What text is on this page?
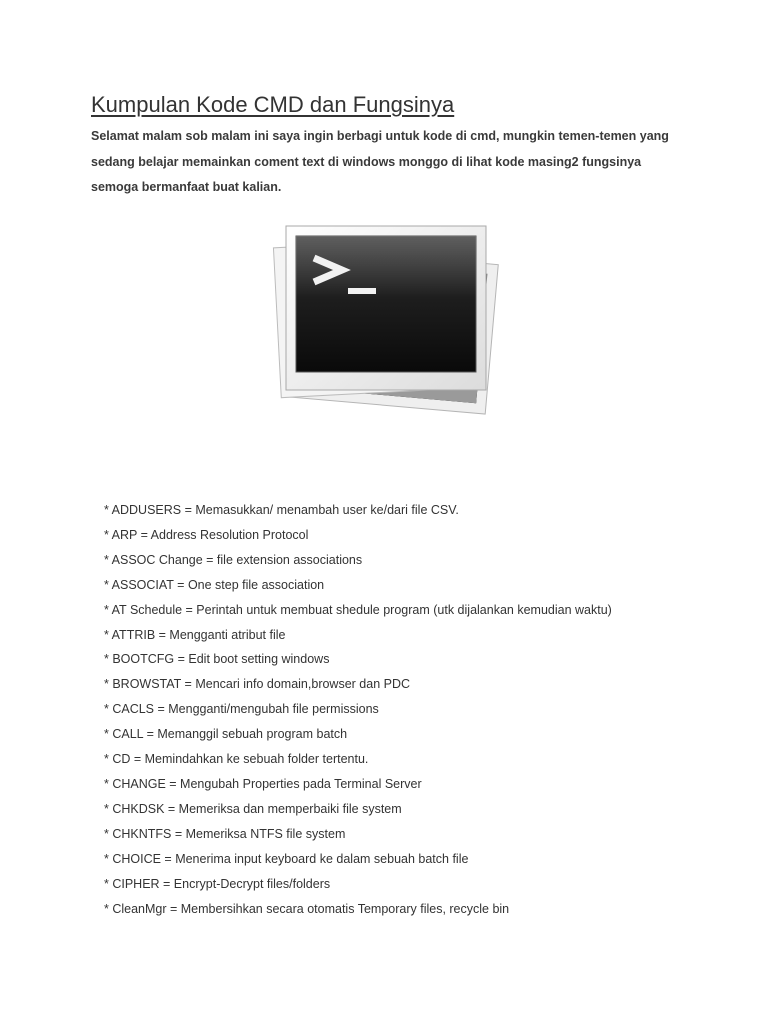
Kumpulan Kode CMD dan Fungsinya

Selamat malam sob malam ini saya ingin berbagi untuk kode di cmd, mungkin temen-temen yang sedang belajar memainkan coment text di windows monggo di lihat kode masing2 fungsinya semoga bermanfaat buat kalian.

* ADDUSERS = Memasukkan/ menambah user ke/dari file CSV.
* ARP = Address Resolution Protocol
* ASSOC Change = file extension associations
* ASSOCIAT = One step file association
* AT Schedule = Perintah untuk membuat shedule program (utk dijalankan kemudian waktu)
* ATTRIB = Mengganti atribut file
* BOOTCFG = Edit boot setting windows
* BROWSTAT = Mencari info domain,browser dan PDC
* CACLS = Mengganti/mengubah file permissions
* CALL = Memanggil sebuah program batch
* CD = Memindahkan ke sebuah folder tertentu.
* CHANGE = Mengubah Properties pada Terminal Server
* CHKDSK = Memeriksa dan memperbaiki file system
* CHKNTFS = Memeriksa NTFS file system
* CHOICE = Menerima input keyboard ke dalam sebuah batch file
* CIPHER = Encrypt-Decrypt files/folders
* CleanMgr = Membersihkan secara otomatis Temporary files, recycle bin
